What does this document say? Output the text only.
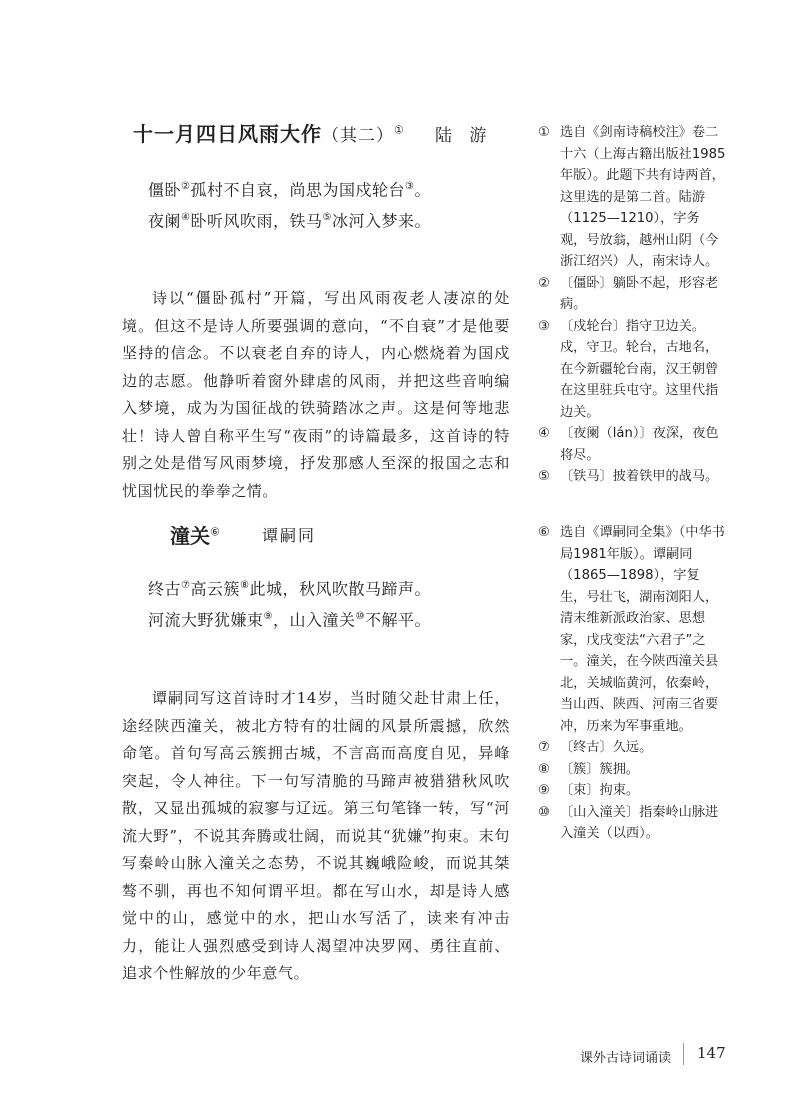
十一月四日风雨大作（其二）① 陆 游
僵卧②孤村不自哀，尚思为国戍轮台③。
夜阑④卧听风吹雨，铁马⑤冰河入梦来。

诗以“僵卧孤村”开篇，写出风雨夜老人凄凉的处境。但这不是诗人所要强调的意向，“不自衰”才是他要坚持的信念。不以衰老自弃的诗人，内心燃烧着为国戍边的志愿。他静听着窗外肆虐的风雨，并把这些音响编入梦境，成为为国征战的铁骑踏冰之声。这是何等地悲壮！诗人曾自称平生写“夜雨”的诗篇最多，这首诗的特别之处是借写风雨梦境，抒发那感人至深的报国之志和忧国忧民的拳拳之情。

① 选自《剑南诗稿校注》卷二十六（上海古籍出版社1985年版）。此题下共有诗两首，这里选的是第二首。陆游（1125—1210），字务观，号放翁，越州山阴（今浙江绍兴）人，南宋诗人。

② 〔僵卧〕躺卧不起，形容老病。

③ 〔戍轮台〕指守卫边关。戍，守卫。轮台，古地名，在今新疆轮台南，汉王朝曾在这里驻兵屯守。这里代指边关。

④ 〔夜阑（lán）〕夜深，夜色将尽。

⑤ 〔铁马〕披着铁甲的战马。

潼关⑥	谭嗣同
终古⑦高云簇⑧此城，秋风吹散马蹄声。
河流大野犹嫌束⑨，山入潼关⑩不解平。

谭嗣同写这首诗时才14岁，当时随父赴甘肃上任，途经陕西潼关，被北方特有的壮阔的风景所震撼，欣然命笔。首句写高云簇拥古城，不言高而高度自见，异峰突起，令人神往。下一句写清脆的马蹄声被猎猎秋风吹散，又显出孤城的寂寥与辽远。第三句笔锋一转，写“河流大野”，不说其奔腾或壮阔，而说其“犹嫌”拘束。末句写秦岭山脉入潼关之态势，不说其巍峨险峻，而说其桀骜不驯，再也不知何谓平坦。都在写山水，却是诗人感觉中的山，感觉中的水，把山水写活了，读来有冲击力，能让人强烈感受到诗人渴望冲决罗网、勇往直前、追求个性解放的少年意气。

⑥ 选自《谭嗣同全集》（中华书局1981年版）。谭嗣同（1865—1898），字复生，号壮飞，湖南浏阳人，清末维新派政治家、思想家，戊戌变法“六君子”之一。潼关，在今陕西潼关县北，关城临黄河，依秦岭，当山西、陕西、河南三省要冲，历来为军事重地。

⑦ 〔终古〕久远。

⑧ 〔簇〕簇拥。

⑨ 〔束〕拘束。

⑩ 〔山入潼关〕指秦岭山脉进入潼关（以西）。

课外古诗词诵读 147
